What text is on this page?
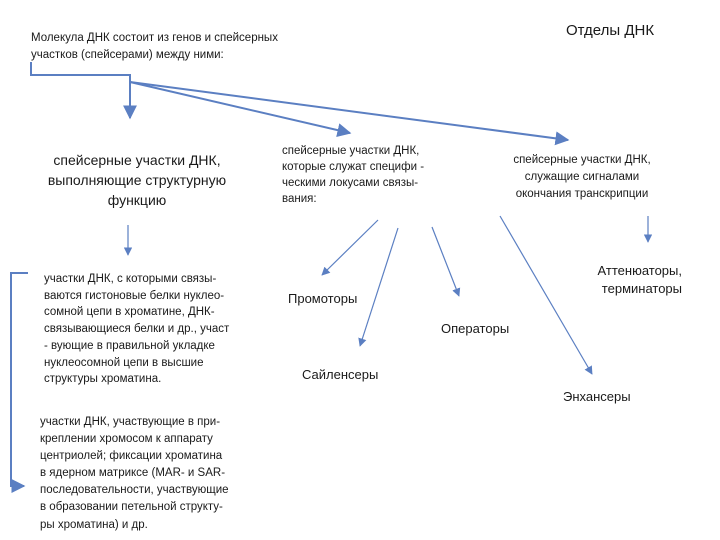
Отделы ДНК
Молекула ДНК состоит из генов и спейсерных
участков (спейсерами) между ними:
спейсерные участки ДНК,
выполняющие структурную
функцию
спейсерные участки ДНК,
которые служат специфи -
ческими локусами связы-
вания:
спейсерные участки ДНК,
служащие сигналами
окончания транскрипции
участки ДНК, с которыми связы-
ваются гистоновые белки нуклео-
сомной цепи в хроматине, ДНК-
связывающиеся белки и др., участ
- вующие в правильной укладке
нуклеосомной цепи в высшие
структуры хроматина.
участки ДНК, участвующие в при-
креплении хромосом к аппарату
центриолей; фиксации хроматина
в ядерном матриксе (MAR- и SAR-
последовательности, участвующие
в образовании петельной структу-
ры хроматина) и др.
Промоторы
Операторы
Сайленсеры
Энхансеры
Аттенюаторы,
терминаторы
